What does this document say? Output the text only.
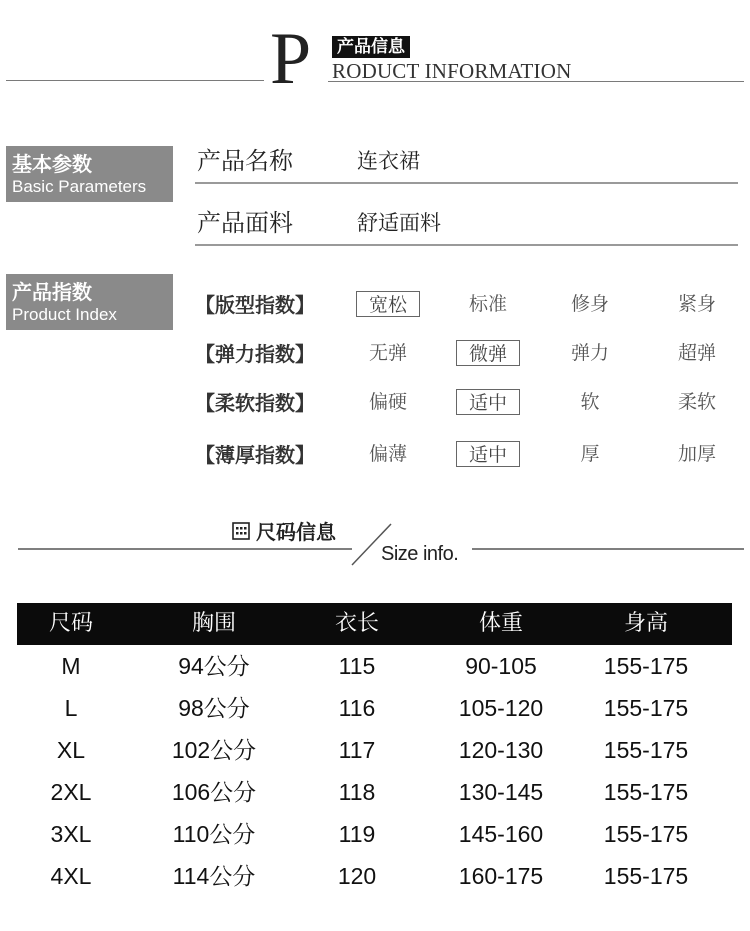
P 产品信息
RODUCT INFORMATION
基本参数
Basic Parameters
产品名称	连衣裙
产品面料	舒适面料
产品指数
Product Index	【版型指数】	宽松	标准	修身	紧身
【弹力指数】	无弹	微弹	弹力	超弹
【柔软指数】	偏硬	适中	软	柔软
【薄厚指数】	偏薄	适中	厚	加厚
尺码信息
Size info.
尺码	胸围	衣长	体重	身高
M	94公分	115	90-105	155-175
L	98公分	116	105-120	155-175
XL	102公分	117	120-130	155-175
2XL	106公分	118	130-145	155-175
3XL	110公分	119	145-160	155-175
4XL	114公分	120	160-175	155-175
